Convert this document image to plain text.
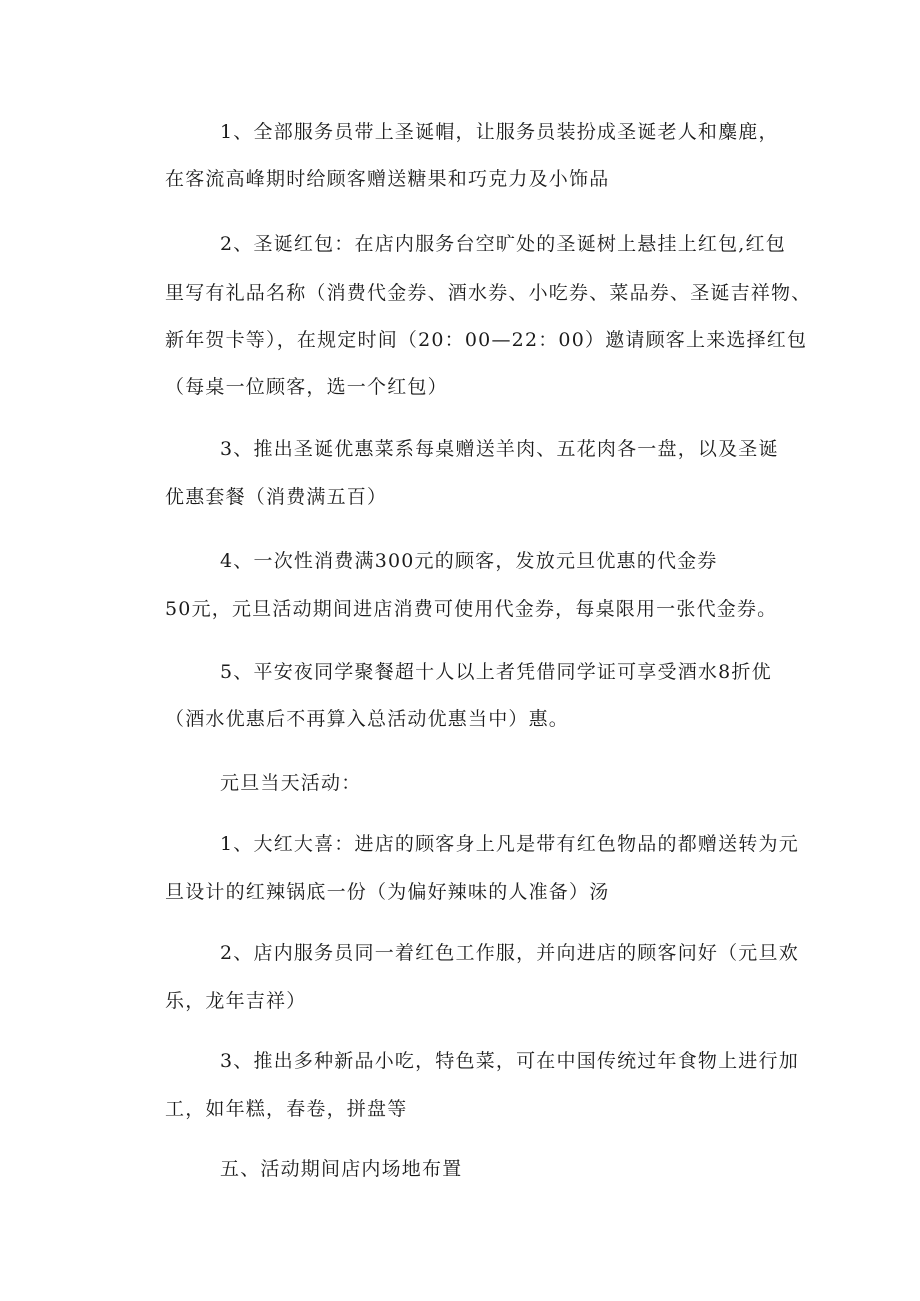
1、全部服务员带上圣诞帽，让服务员装扮成圣诞老人和麋鹿，
在客流高峰期时给顾客赠送糖果和巧克力及小饰品
2、圣诞红包：在店内服务台空旷处的圣诞树上悬挂上红包,红包
里写有礼品名称（消费代金券、酒水券、小吃券、菜品券、圣诞吉祥物、
新年贺卡等），在规定时间（20：00—22：00）邀请顾客上来选择红包
（每桌一位顾客，选一个红包）
3、推出圣诞优惠菜系每桌赠送羊肉、五花肉各一盘，以及圣诞
优惠套餐（消费满五百）
4、一次性消费满300元的顾客，发放元旦优惠的代金券
50元，元旦活动期间进店消费可使用代金券，每桌限用一张代金券。
5、平安夜同学聚餐超十人以上者凭借同学证可享受酒水8折优
（酒水优惠后不再算入总活动优惠当中）惠。
元旦当天活动：
1、大红大喜：进店的顾客身上凡是带有红色物品的都赠送转为元
旦设计的红辣锅底一份（为偏好辣味的人准备）汤
2、店内服务员同一着红色工作服，并向进店的顾客问好（元旦欢
乐，龙年吉祥）
3、推出多种新品小吃，特色菜，可在中国传统过年食物上进行加
工，如年糕，春卷，拼盘等
五、活动期间店内场地布置
